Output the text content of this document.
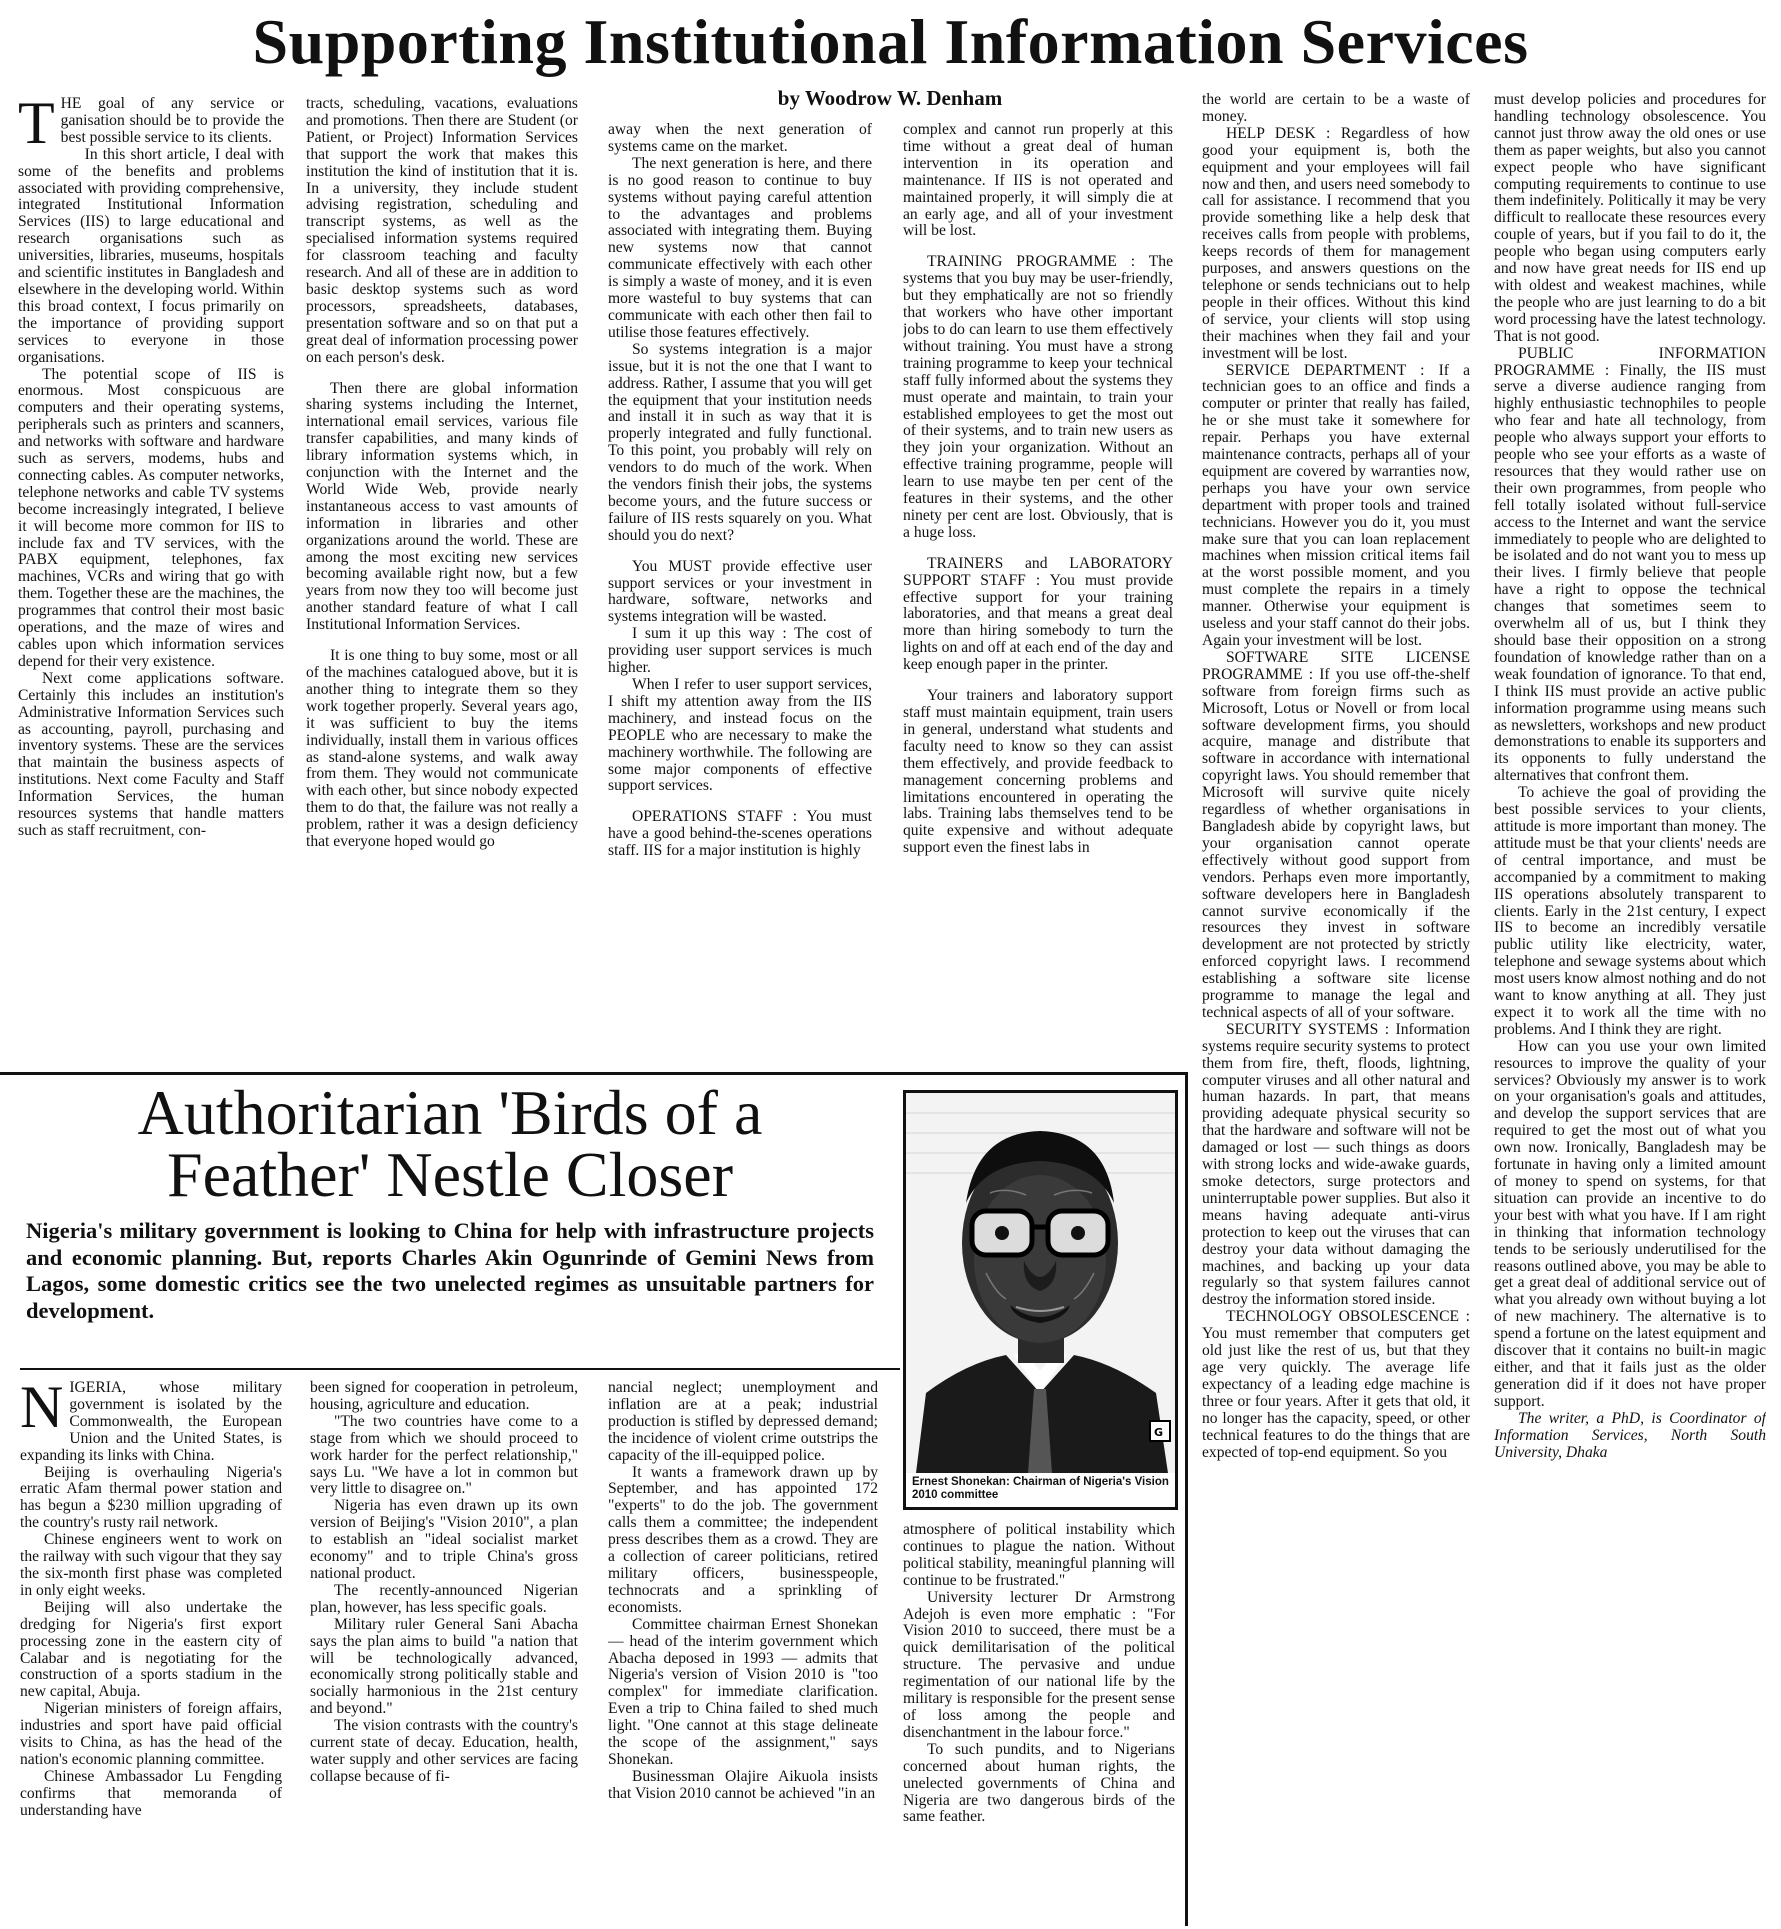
Supporting Institutional Information Services
by Woodrow W. Denham

THE goal of any service or ganisation should be to provide the best possible service to its clients.

In this short article, I deal with some of the benefits and problems associated with providing comprehensive, integrated Institutional Information Services (IIS) to large educational and research organisations such as universities, libraries, museums, hospitals and scientific institutes in Bangladesh and elsewhere in the developing world. Within this broad context, I focus primarily on the importance of providing support services to everyone in those organisations.

The potential scope of IIS is enormous. Most conspicuous are computers and their operating systems, peripherals such as printers and scanners, and networks with software and hardware such as servers, modems, hubs and connecting cables. As computer networks, telephone networks and cable TV systems become increasingly integrated, I believe it will become more common for IIS to include fax and TV services, with the PABX equipment, telephones, fax machines, VCRs and wiring that go with them. Together these are the machines, the programmes that control their most basic operations, and the maze of wires and cables upon which information services depend for their very existence.

Next come applications software. Certainly this includes an institution's Administrative Information Services such as accounting, payroll, purchasing and inventory systems. These are the services that maintain the business aspects of institutions. Next come Faculty and Staff Information Services, the human resources systems that handle matters such as staff recruitment, con-

tracts, scheduling, vacations, evaluations and promotions. Then there are Student (or Patient, or Project) Information Services that support the work that makes this institution the kind of institution that it is. In a university, they include student advising registration, scheduling and transcript systems, as well as the specialised information systems required for classroom teaching and faculty research. And all of these are in addition to basic desktop systems such as word processors, spreadsheets, databases, presentation software and so on that put a great deal of information processing power on each person's desk.

Then there are global information sharing systems including the Internet, international email services, various file transfer capabilities, and many kinds of library information systems which, in conjunction with the Internet and the World Wide Web, provide nearly instantaneous access to vast amounts of information in libraries and other organizations around the world. These are among the most exciting new services becoming available right now, but a few years from now they too will become just another standard feature of what I call Institutional Information Services.

It is one thing to buy some, most or all of the machines catalogued above, but it is another thing to integrate them so they work together properly. Several years ago, it was sufficient to buy the items individually, install them in various offices as stand-alone systems, and walk away from them. They would not communicate with each other, but since nobody expected them to do that, the failure was not really a problem, rather it was a design deficiency that everyone hoped would go

away when the next generation of systems came on the market.

The next generation is here, and there is no good reason to continue to buy systems without paying careful attention to the advantages and problems associated with integrating them. Buying new systems now that cannot communicate effectively with each other is simply a waste of money, and it is even more wasteful to buy systems that can communicate with each other then fail to utilise those features effectively.

So systems integration is a major issue, but it is not the one that I want to address. Rather, I assume that you will get the equipment that your institution needs and install it in such as way that it is properly integrated and fully functional. To this point, you probably will rely on vendors to do much of the work. When the vendors finish their jobs, the systems become yours, and the future success or failure of IIS rests squarely on you. What should you do next?

You MUST provide effective user support services or your investment in hardware, software, networks and systems integration will be wasted.

I sum it up this way : The cost of providing user support services is much higher.

When I refer to user support services, I shift my attention away from the IIS machinery, and instead focus on the PEOPLE who are necessary to make the machinery worthwhile. The following are some major components of effective support services.

OPERATIONS STAFF : You must have a good behind-the-scenes operations staff. IIS for a major institution is highly

complex and cannot run properly at this time without a great deal of human intervention in its operation and maintenance. If IIS is not operated and maintained properly, it will simply die at an early age, and all of your investment will be lost.

TRAINING PROGRAMME : The systems that you buy may be user-friendly, but they emphatically are not so friendly that workers who have other important jobs to do can learn to use them effectively without training. You must have a strong training programme to keep your technical staff fully informed about the systems they must operate and maintain, to train your established employees to get the most out of their systems, and to train new users as they join your organization. Without an effective training programme, people will learn to use maybe ten per cent of the features in their systems, and the other ninety per cent are lost. Obviously, that is a huge loss.

TRAINERS and LABORATORY SUPPORT STAFF : You must provide effective support for your training laboratories, and that means a great deal more than hiring somebody to turn the lights on and off at each end of the day and keep enough paper in the printer.

Your trainers and laboratory support staff must maintain equipment, train users in general, understand what students and faculty need to know so they can assist them effectively, and provide feedback to management concerning problems and limitations encountered in operating the labs. Training labs themselves tend to be quite expensive and without adequate support even the finest labs in

the world are certain to be a waste of money.

HELP DESK : Regardless of how good your equipment is, both the equipment and your employees will fail now and then, and users need somebody to call for assistance. I recommend that you provide something like a help desk that receives calls from people with problems, keeps records of them for management purposes, and answers questions on the telephone or sends technicians out to help people in their offices. Without this kind of service, your clients will stop using their machines when they fail and your investment will be lost.

SERVICE DEPARTMENT : If a technician goes to an office and finds a computer or printer that really has failed, he or she must take it somewhere for repair. Perhaps you have external maintenance contracts, perhaps all of your equipment are covered by warranties now, perhaps you have your own service department with proper tools and trained technicians. However you do it, you must make sure that you can loan replacement machines when mission critical items fail at the worst possible moment, and you must complete the repairs in a timely manner. Otherwise your equipment is useless and your staff cannot do their jobs. Again your investment will be lost.

SOFTWARE SITE LICENSE PROGRAMME : If you use off-the-shelf software from foreign firms such as Microsoft, Lotus or Novell or from local software development firms, you should acquire, manage and distribute that software in accordance with international copyright laws. You should remember that Microsoft will survive quite nicely regardless of whether organisations in Bangladesh abide by copyright laws, but your organisation cannot operate effectively without good support from vendors. Perhaps even more importantly, software developers here in Bangladesh cannot survive economically if the resources they invest in software development are not protected by strictly enforced copyright laws. I recommend establishing a software site license programme to manage the legal and technical aspects of all of your software.

SECURITY SYSTEMS : Information systems require security systems to protect them from fire, theft, floods, lightning, computer viruses and all other natural and human hazards. In part, that means providing adequate physical security so that the hardware and software will not be damaged or lost — such things as doors with strong locks and wide-awake guards, smoke detectors, surge protectors and uninterruptable power supplies. But also it means having adequate anti-virus protection to keep out the viruses that can destroy your data without damaging the machines, and backing up your data regularly so that system failures cannot destroy the information stored inside.

TECHNOLOGY OBSOLESCENCE : You must remember that computers get old just like the rest of us, but that they age very quickly. The average life expectancy of a leading edge machine is three or four years. After it gets that old, it no longer has the capacity, speed, or other technical features to do the things that are expected of top-end equipment. So you

must develop policies and procedures for handling technology obsolescence. You cannot just throw away the old ones or use them as paper weights, but also you cannot expect people who have significant computing requirements to continue to use them indefinitely. Politically it may be very difficult to reallocate these resources every couple of years, but if you fail to do it, the people who began using computers early and now have great needs for IIS end up with oldest and weakest machines, while the people who are just learning to do a bit word processing have the latest technology. That is not good.

PUBLIC INFORMATION PROGRAMME : Finally, the IIS must serve a diverse audience ranging from highly enthusiastic technophiles to people who fear and hate all technology, from people who always support your efforts to people who see your efforts as a waste of resources that they would rather use on their own programmes, from people who fell totally isolated without full-service access to the Internet and want the service immediately to people who are delighted to be isolated and do not want you to mess up their lives. I firmly believe that people have a right to oppose the technical changes that sometimes seem to overwhelm all of us, but I think they should base their opposition on a strong foundation of knowledge rather than on a weak foundation of ignorance. To that end, I think IIS must provide an active public information programme using means such as newsletters, workshops and new product demonstrations to enable its supporters and its opponents to fully understand the alternatives that confront them.

To achieve the goal of providing the best possible services to your clients, attitude is more important than money. The attitude must be that your clients' needs are of central importance, and must be accompanied by a commitment to making IIS operations absolutely transparent to clients. Early in the 21st century, I expect IIS to become an incredibly versatile public utility like electricity, water, telephone and sewage systems about which most users know almost nothing and do not want to know anything at all. They just expect it to work all the time with no problems. And I think they are right.

How can you use your own limited resources to improve the quality of your services? Obviously my answer is to work on your organisation's goals and attitudes, and develop the support services that are required to get the most out of what you own now. Ironically, Bangladesh may be fortunate in having only a limited amount of money to spend on systems, for that situation can provide an incentive to do your best with what you have. If I am right in thinking that information technology tends to be seriously underutilised for the reasons outlined above, you may be able to get a great deal of additional service out of what you already own without buying a lot of new machinery. The alternative is to spend a fortune on the latest equipment and discover that it contains no built-in magic either, and that it fails just as the older generation did if it does not have proper support.

The writer, a PhD, is Coordinator of Information Services, North South University, Dhaka

Authoritarian 'Birds of a
Feather' Nestle Closer
Nigeria's military government is looking to China for help with infrastructure projects and economic planning. But, reports Charles Akin Ogunrinde of Gemini News from Lagos, some domestic critics see the two unelected regimes as unsuitable partners for development.
G
Ernest Shonekan: Chairman of Nigeria's Vision 2010 committee

NIGERIA, whose military government is isolated by the Commonwealth, the European Union and the United States, is expanding its links with China.

Beijing is overhauling Nigeria's erratic Afam thermal power station and has begun a $230 million upgrading of the country's rusty rail network.

Chinese engineers went to work on the railway with such vigour that they say the six-month first phase was completed in only eight weeks.

Beijing will also undertake the dredging for Nigeria's first export processing zone in the eastern city of Calabar and is negotiating for the construction of a sports stadium in the new capital, Abuja.

Nigerian ministers of foreign affairs, industries and sport have paid official visits to China, as has the head of the nation's economic planning committee.

Chinese Ambassador Lu Fengding confirms that memoranda of understanding have

been signed for cooperation in petroleum, housing, agriculture and education.

"The two countries have come to a stage from which we should proceed to work harder for the perfect relationship," says Lu. "We have a lot in common but very little to disagree on."

Nigeria has even drawn up its own version of Beijing's "Vision 2010", a plan to establish an "ideal socialist market economy" and to triple China's gross national product.

The recently-announced Nigerian plan, however, has less specific goals.

Military ruler General Sani Abacha says the plan aims to build "a nation that will be technologically advanced, economically strong politically stable and socially harmonious in the 21st century and beyond."

The vision contrasts with the country's current state of decay. Education, health, water supply and other services are facing collapse because of fi-

nancial neglect; unemployment and inflation are at a peak; industrial production is stifled by depressed demand; the incidence of violent crime outstrips the capacity of the ill-equipped police.

It wants a framework drawn up by September, and has appointed 172 "experts" to do the job. The government calls them a committee; the independent press describes them as a crowd. They are a collection of career politicians, retired military officers, businesspeople, technocrats and a sprinkling of economists.

Committee chairman Ernest Shonekan — head of the interim government which Abacha deposed in 1993 — admits that Nigeria's version of Vision 2010 is "too complex" for immediate clarification. Even a trip to China failed to shed much light. "One cannot at this stage delineate the scope of the assignment," says Shonekan.

Businessman Olajire Aikuola insists that Vision 2010 cannot be achieved "in an

atmosphere of political instability which continues to plague the nation. Without political stability, meaningful planning will continue to be frustrated."

University lecturer Dr Armstrong Adejoh is even more emphatic : "For Vision 2010 to succeed, there must be a quick demilitarisation of the political structure. The pervasive and undue regimentation of our national life by the military is responsible for the present sense of loss among the people and disenchantment in the labour force."

To such pundits, and to Nigerians concerned about human rights, the unelected governments of China and Nigeria are two dangerous birds of the same feather.
